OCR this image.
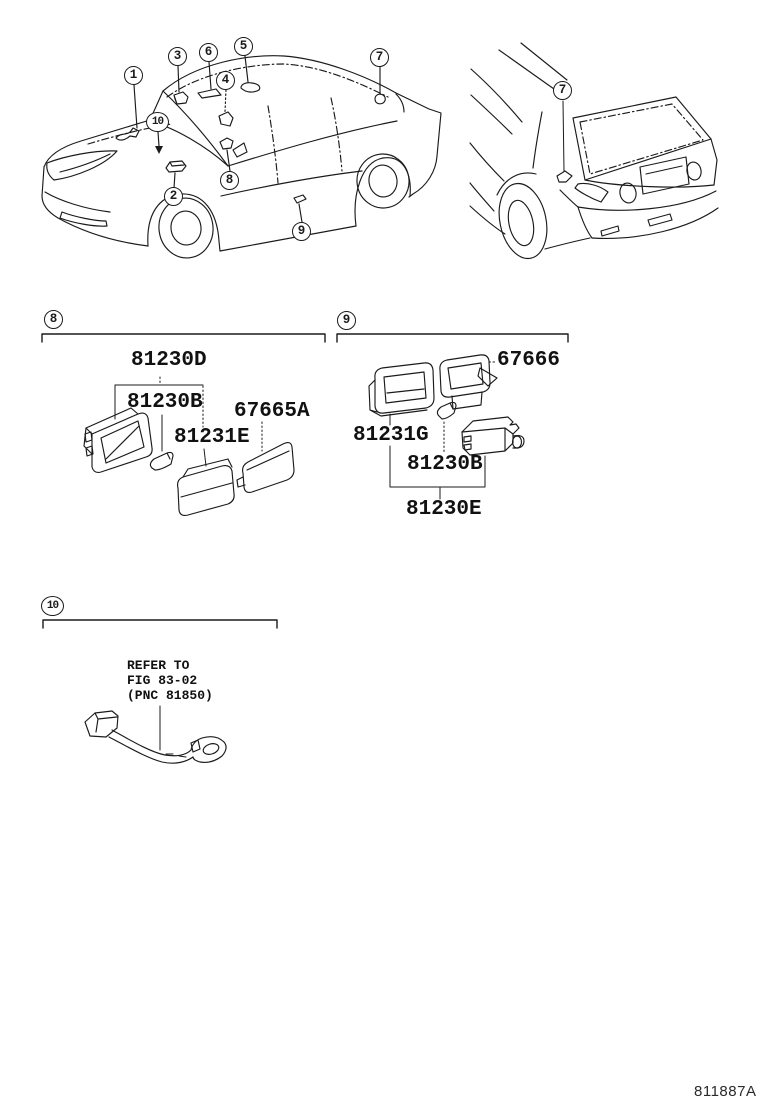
1
3	6	5
4
7
10
2
8
9
7
8	9
10
81230D
81230B 67665A
81231E
67666
81231G
81230B
81230E
REFER TO
FIG 83-02
(PNC 81850)
811887A
